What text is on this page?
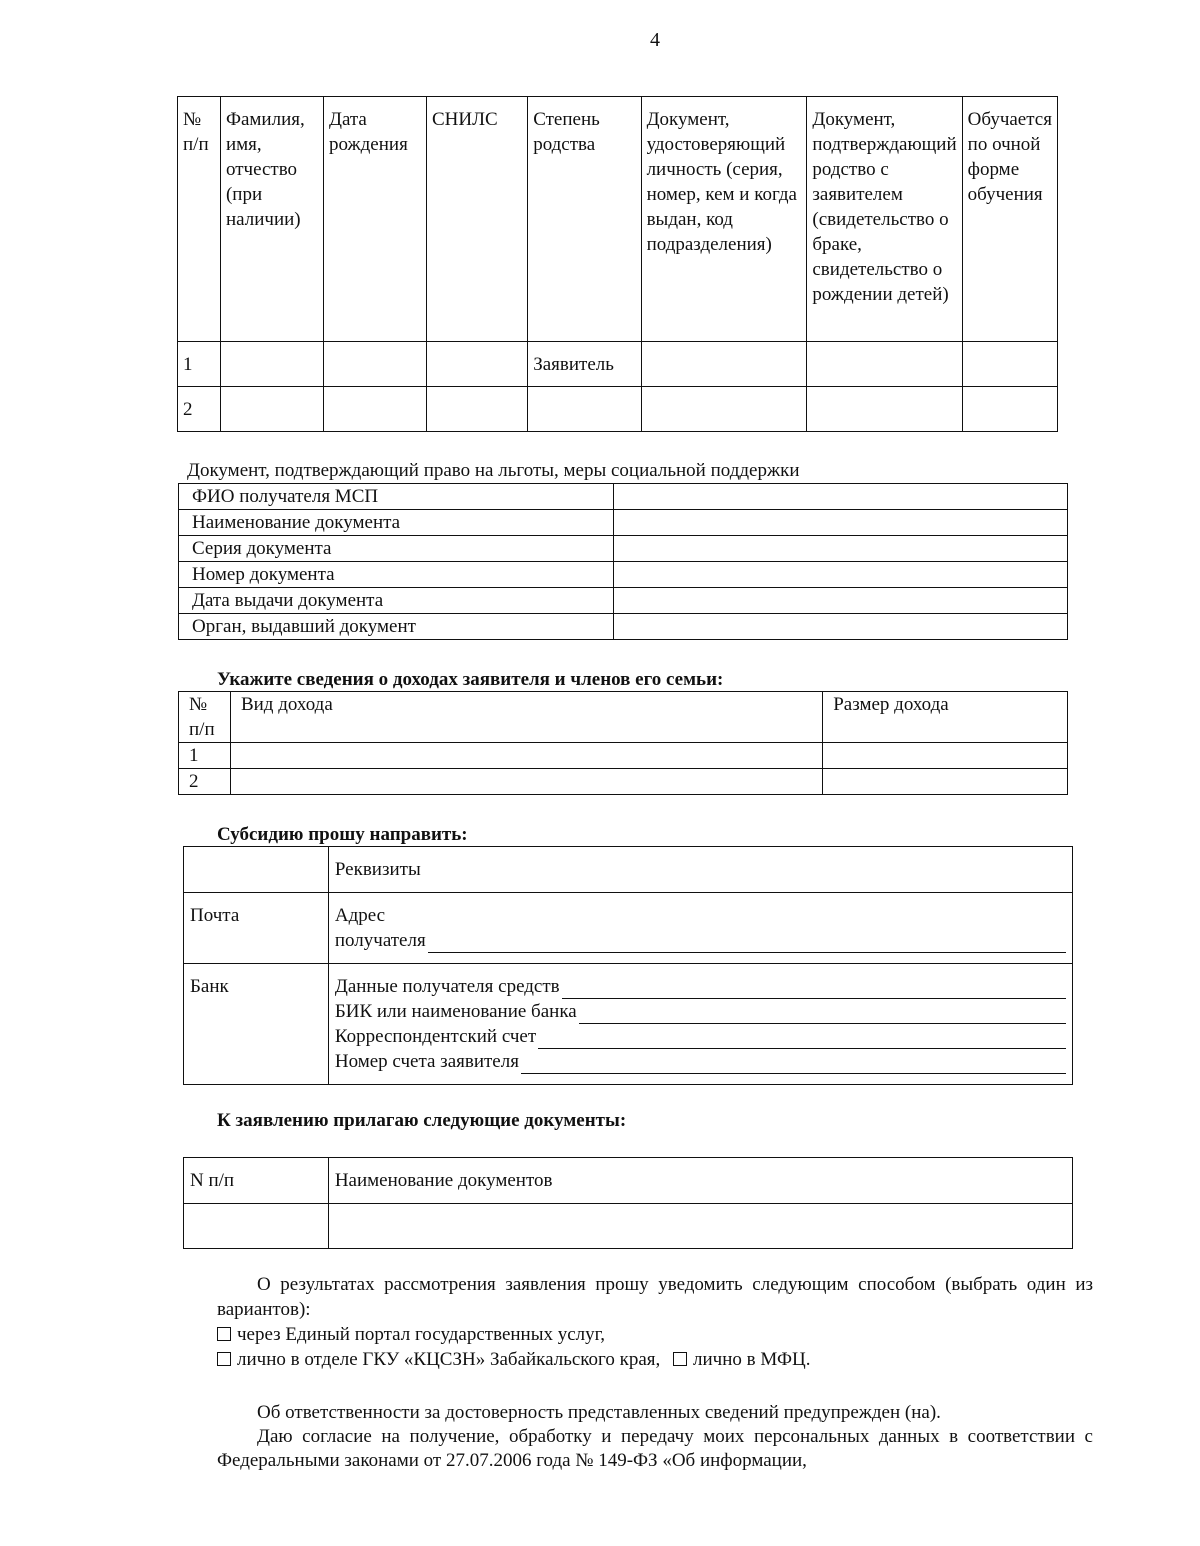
4
№ п/п	Фамилия, имя, отчество (при наличии)	Дата рождения	СНИЛС	Степень родства	Документ, удостоверяющий личность (серия, номер, кем и когда выдан, код подразделения)	Документ, подтверждающий родство с заявителем (свидетельство о браке, свидетельство о рождении детей)	Обучается по очной форме обучения
1				Заявитель			
2							
Документ, подтверждающий право на льготы, меры социальной поддержки
ФИО получателя МСП	
Наименование документа	
Серия документа	
Номер документа	
Дата выдачи документа	
Орган, выдавший документ	
Укажите сведения о доходах заявителя и членов его семьи:
№ п/п	Вид дохода	Размер дохода
1		
2		
Субсидию прошу направить:
	Реквизиты
Почта	Адрес
получателя

Банк	Данные получателя средств
БИК или наименование банка
Корреспондентский счет
Номер счета заявителя
К заявлению прилагаю следующие документы:
N п/п	Наименование документов

О результатах рассмотрения заявления прошу уведомить следующим способом (выбрать один из вариантов):
через Единый портал государственных услуг,
лично в отделе ГКУ «КЦСЗН» Забайкальского края, лично в МФЦ.
Об ответственности за достоверность представленных сведений предупрежден (на).
Даю согласие на получение, обработку и передачу моих персональных данных в соответствии с Федеральными законами от 27.07.2006 года № 149-ФЗ «Об информации,
